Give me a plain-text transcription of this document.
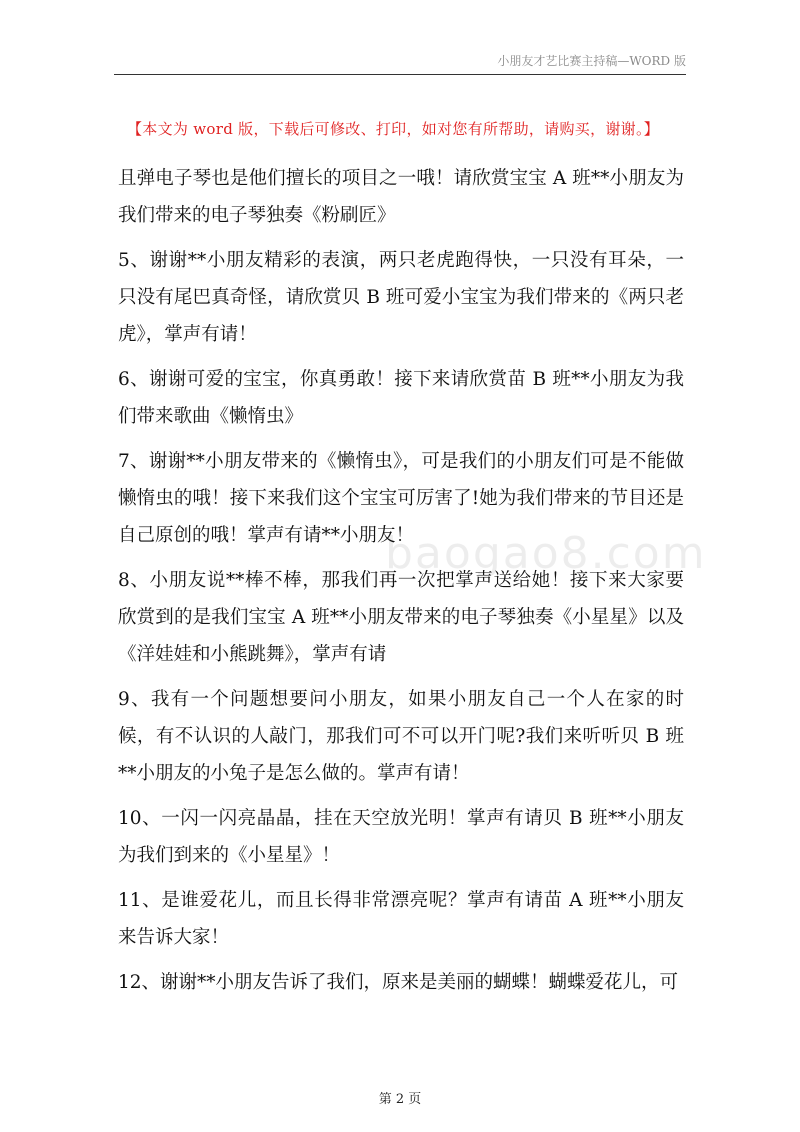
小朋友才艺比赛主持稿—WORD 版
【本文为 word 版，下载后可修改、打印，如对您有所帮助，请购买，谢谢。】
baogao8.com

且弹电子琴也是他们擅长的项目之一哦！请欣赏宝宝 A 班**小朋友为我们带来的电子琴独奏《粉刷匠》

5、谢谢**小朋友精彩的表演，两只老虎跑得快，一只没有耳朵，一只没有尾巴真奇怪，请欣赏贝 B 班可爱小宝宝为我们带来的《两只老虎》，掌声有请！

6、谢谢可爱的宝宝，你真勇敢！接下来请欣赏苗 B 班**小朋友为我们带来歌曲《懒惰虫》

7、谢谢**小朋友带来的《懒惰虫》，可是我们的小朋友们可是不能做懒惰虫的哦！接下来我们这个宝宝可厉害了!她为我们带来的节目还是自己原创的哦！掌声有请**小朋友！

8、小朋友说**棒不棒，那我们再一次把掌声送给她！接下来大家要欣赏到的是我们宝宝 A 班**小朋友带来的电子琴独奏《小星星》以及《洋娃娃和小熊跳舞》，掌声有请

9、我有一个问题想要问小朋友，如果小朋友自己一个人在家的时候，有不认识的人敲门，那我们可不可以开门呢?我们来听听贝 B 班**小朋友的小兔子是怎么做的。掌声有请！

10、一闪一闪亮晶晶，挂在天空放光明！掌声有请贝 B 班**小朋友为我们到来的《小星星》！

11、是谁爱花儿，而且长得非常漂亮呢？掌声有请苗 A 班**小朋友来告诉大家！

12、谢谢**小朋友告诉了我们，原来是美丽的蝴蝶！蝴蝶爱花儿，可

第 2 页
